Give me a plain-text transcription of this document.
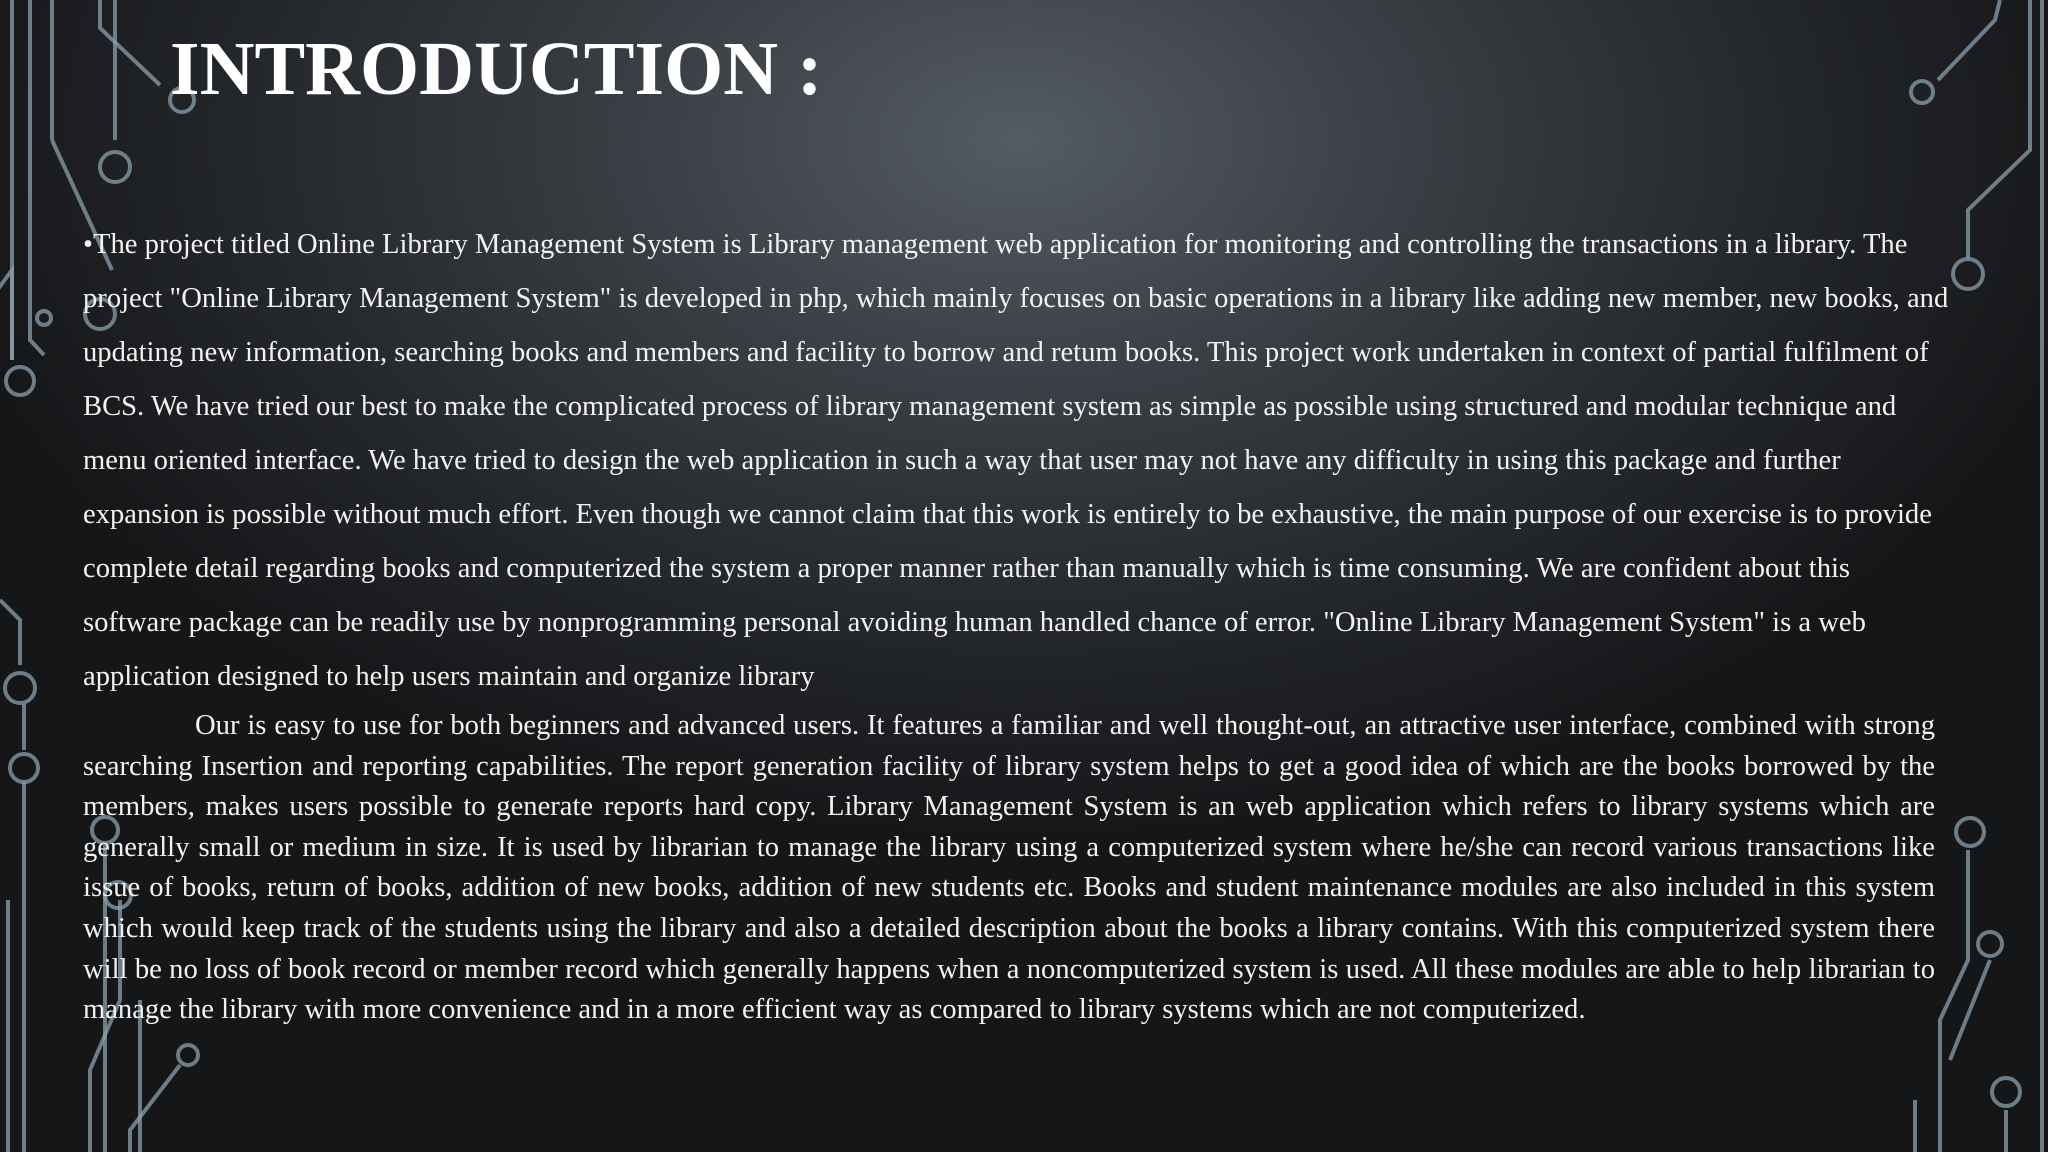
INTRODUCTION :

•The project titled Online Library Management System is Library management web application for monitoring and controlling the transactions in a library. The project "Online Library Management System" is developed in php, which mainly focuses on basic operations in a library like adding new member, new books, and updating new information, searching books and members and facility to borrow and retum books. This project work undertaken in context of partial fulfilment of BCS. We have tried our best to make the complicated process of library management system as simple as possible using structured and modular technique and menu oriented interface. We have tried to design the web application in such a way that user may not have any difficulty in using this package and further expansion is possible without much effort. Even though we cannot claim that this work is entirely to be exhaustive, the main purpose of our exercise is to provide complete detail regarding books and computerized the system a proper manner rather than manually which is time consuming. We are confident about this software package can be readily use by nonprogramming personal avoiding human handled chance of error. "Online Library Management System" is a web application designed to help users maintain and organize library

Our is easy to use for both beginners and advanced users. It features a familiar and well thought-out, an attractive user interface, combined with strong searching Insertion and reporting capabilities. The report generation facility of library system helps to get a good idea of which are the books borrowed by the members, makes users possible to generate reports hard copy. Library Management System is an web application which refers to library systems which are generally small or medium in size. It is used by librarian to manage the library using a computerized system where he/she can record various transactions like issue of books, return of books, addition of new books, addition of new students etc. Books and student maintenance modules are also included in this system which would keep track of the students using the library and also a detailed description about the books a library contains. With this computerized system there will be no loss of book record or member record which generally happens when a noncomputerized system is used. All these modules are able to help librarian to manage the library with more convenience and in a more efficient way as compared to library systems which are not computerized.
